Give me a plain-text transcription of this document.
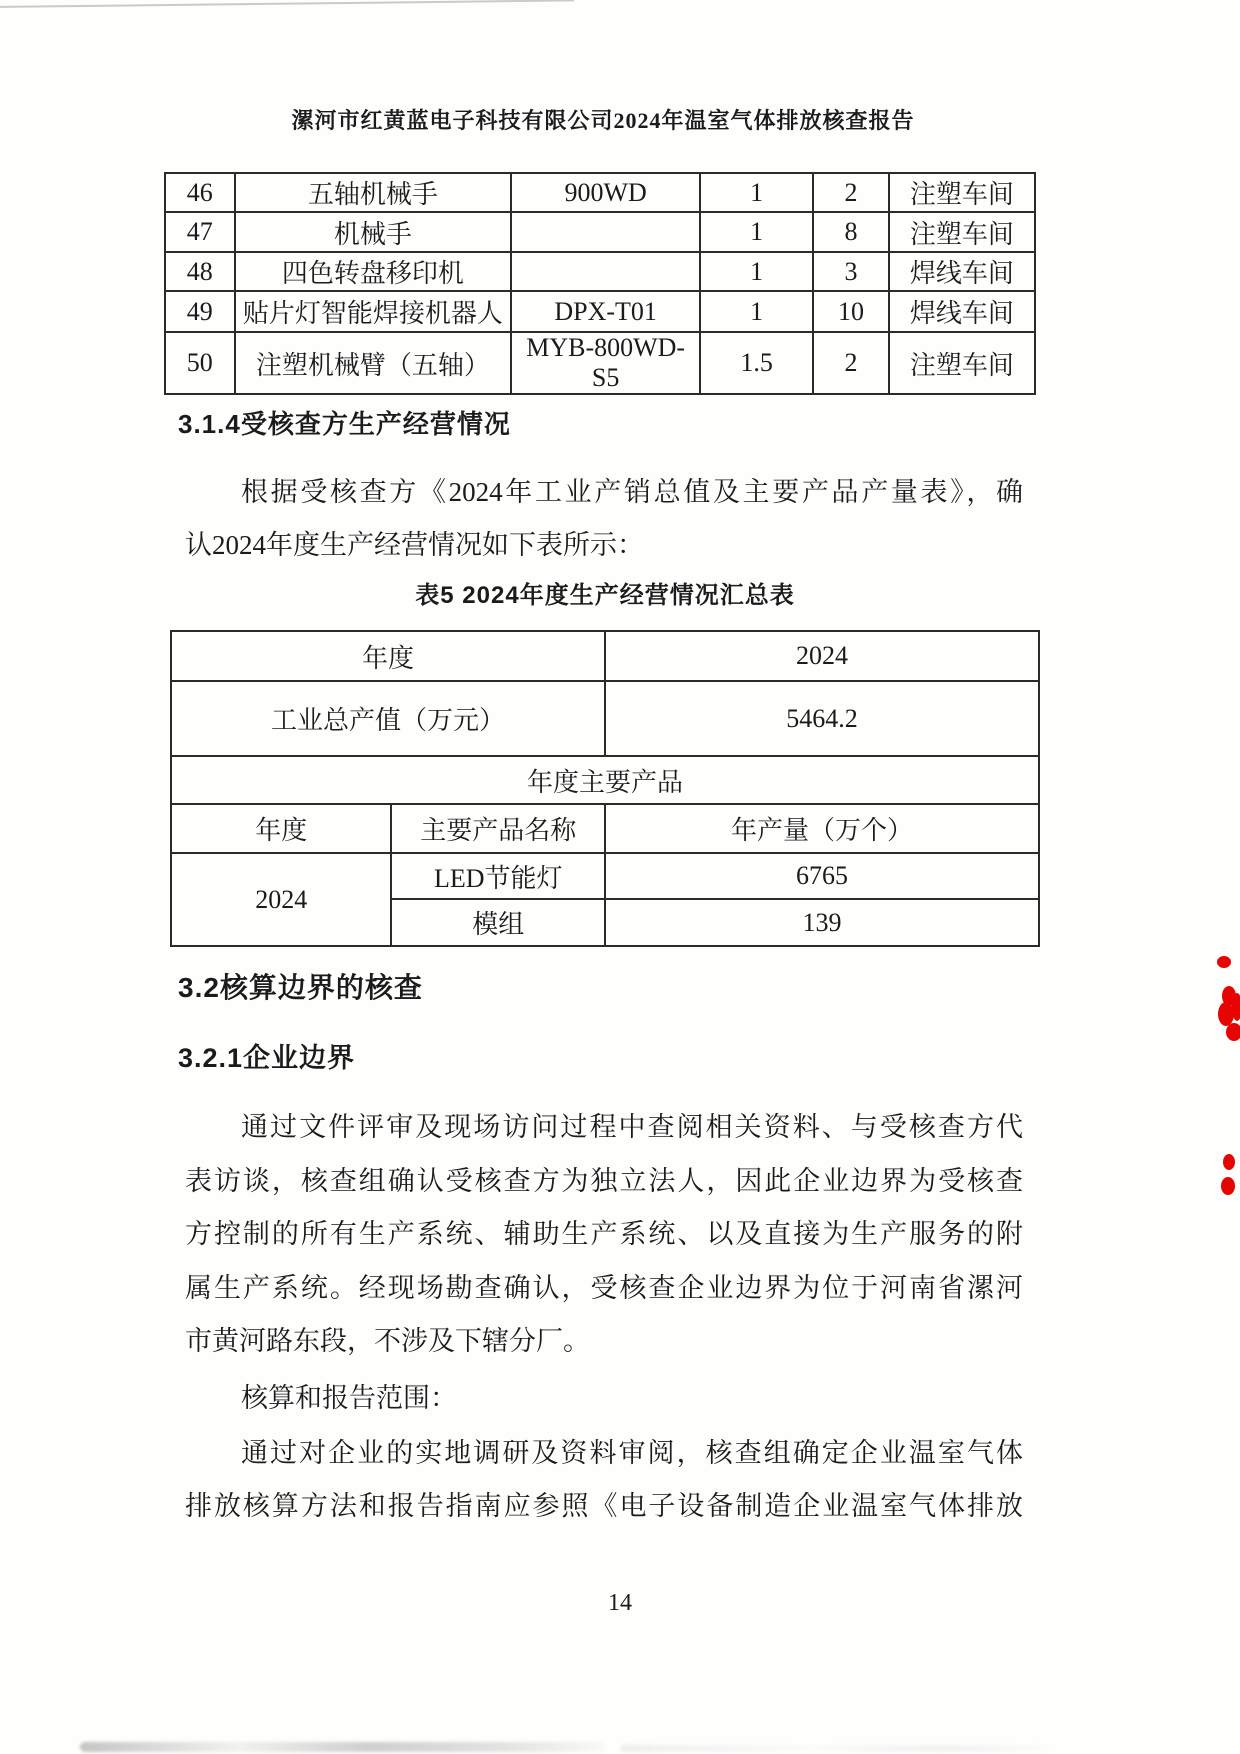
漯河市红黄蓝电子科技有限公司2024年温室气体排放核查报告
46	五轴机械手	900WD	1	2	注塑车间
47	机械手		1	8	注塑车间
48	四色转盘移印机		1	3	焊线车间
49	贴片灯智能焊接机器人	DPX-T01	1	10	焊线车间
50	注塑机械臂（五轴）	MYB-800WD-S5	1.5	2	注塑车间
3.1.4受核查方生产经营情况
根据受核查方《2024年工业产销总值及主要产品产量表》，确
认2024年度生产经营情况如下表所示：
表5 2024年度生产经营情况汇总表
年度		2024
工业总产值（万元）		5464.2
年度主要产品		
年度	主要产品名称	年产量（万个）
2024	LED节能灯	6765
	模组	139
3.2核算边界的核查
3.2.1企业边界
通过文件评审及现场访问过程中查阅相关资料、与受核查方代
表访谈，核查组确认受核查方为独立法人，因此企业边界为受核查
方控制的所有生产系统、辅助生产系统、以及直接为生产服务的附
属生产系统。经现场勘查确认，受核查企业边界为位于河南省漯河
市黄河路东段，不涉及下辖分厂。
核算和报告范围：
通过对企业的实地调研及资料审阅，核查组确定企业温室气体
排放核算方法和报告指南应参照《电子设备制造企业温室气体排放
14
